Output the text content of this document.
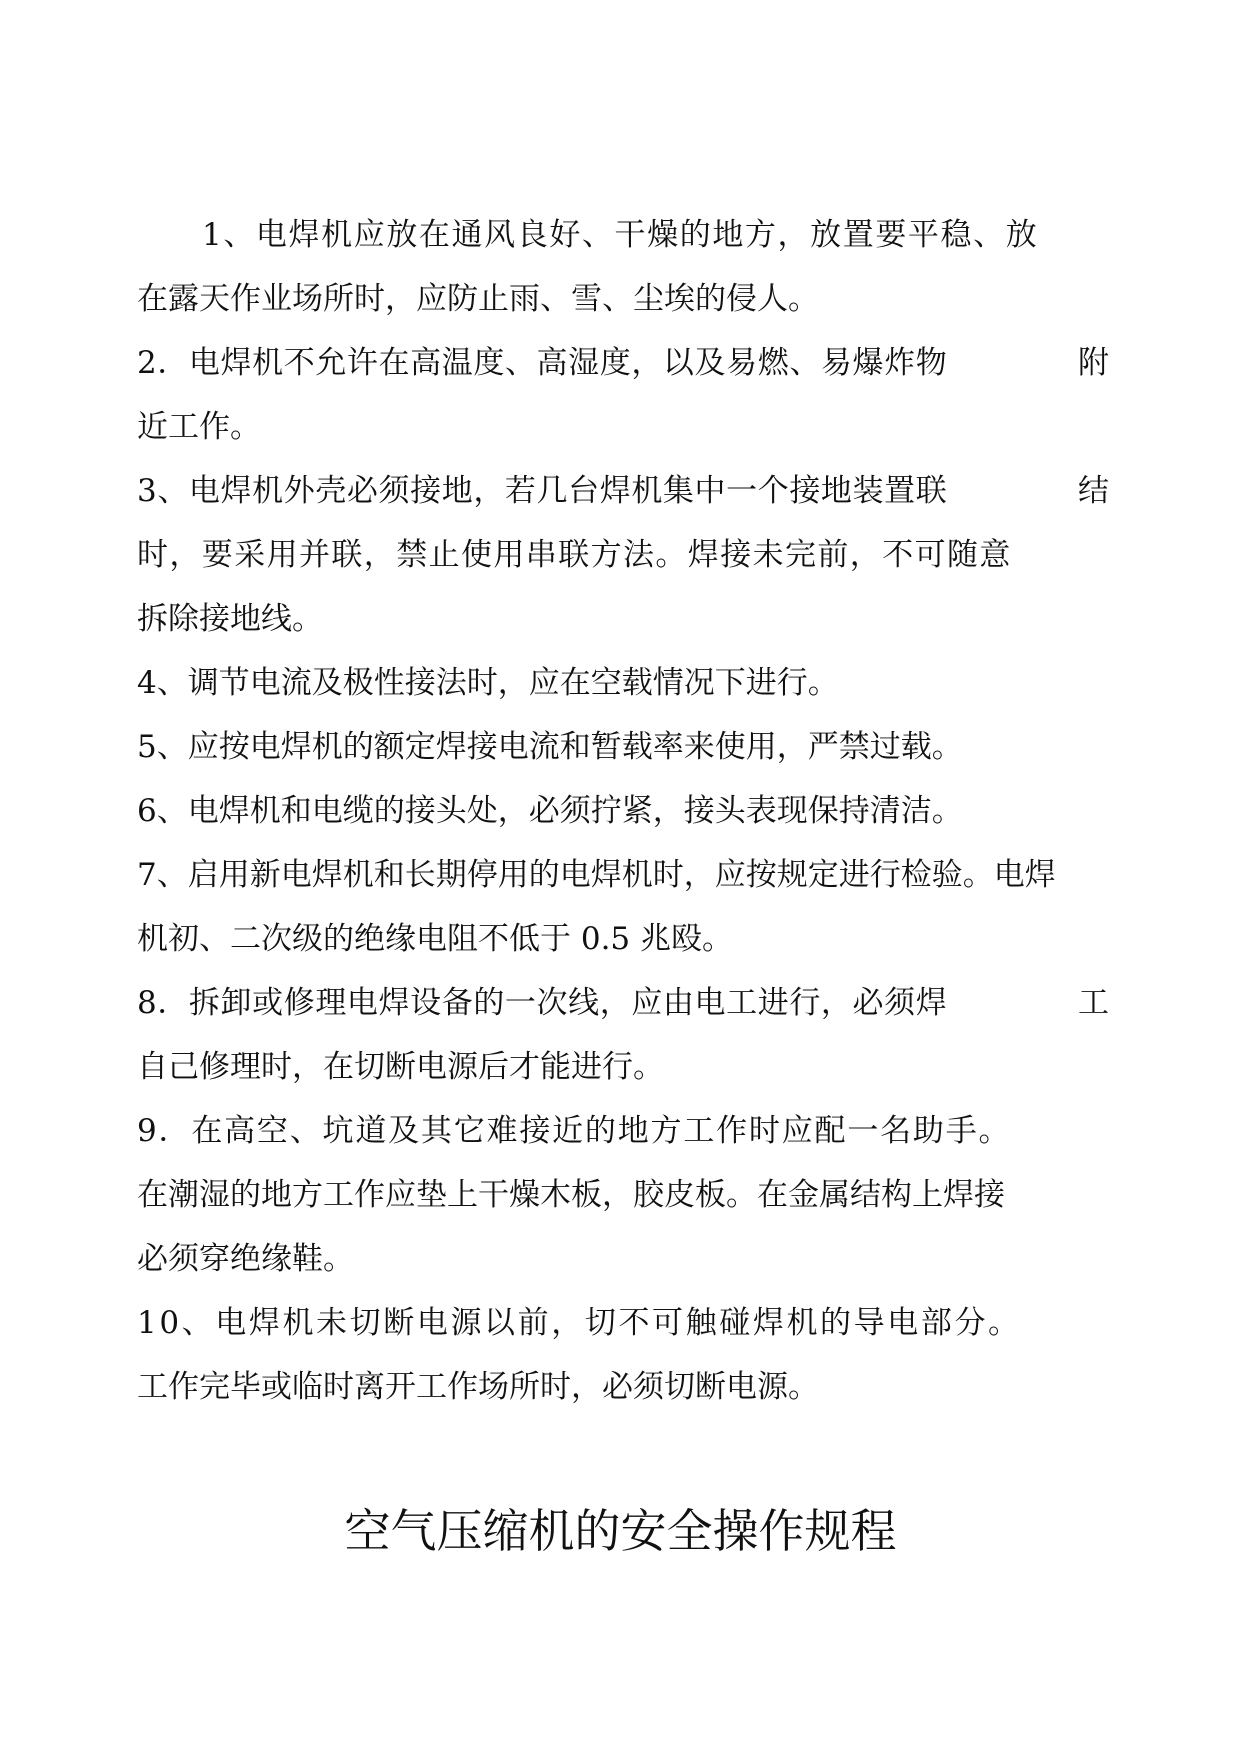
1、电焊机应放在通风良好、干燥的地方，放置要平稳、放
在露天作业场所时，应防止雨、雪、尘埃的侵人。
2．电焊机不允许在高温度、高湿度，以及易燃、易爆炸物	附
近工作。
3、电焊机外壳必须接地，若几台焊机集中一个接地装置联	结
时，要采用并联，禁止使用串联方法。焊接未完前，不可随意
拆除接地线。
4、调节电流及极性接法时，应在空载情况下进行。
5、应按电焊机的额定焊接电流和暂载率来使用，严禁过载。
6、电焊机和电缆的接头处，必须拧紧，接头表现保持清洁。
7、启用新电焊机和长期停用的电焊机时，应按规定进行检验。电焊
机初、二次级的绝缘电阻不低于 0.5 兆殴。
8．拆卸或修理电焊设备的一次线，应由电工进行，必须焊	工
自己修理时，在切断电源后才能进行。
9．在高空、坑道及其它难接近的地方工作时应配一名助手。
在潮湿的地方工作应垫上干燥木板，胶皮板。在金属结构上焊接
必须穿绝缘鞋。
10、电焊机未切断电源以前，切不可触碰焊机的导电部分。
工作完毕或临时离开工作场所时，必须切断电源。
空气压缩机的安全操作规程
